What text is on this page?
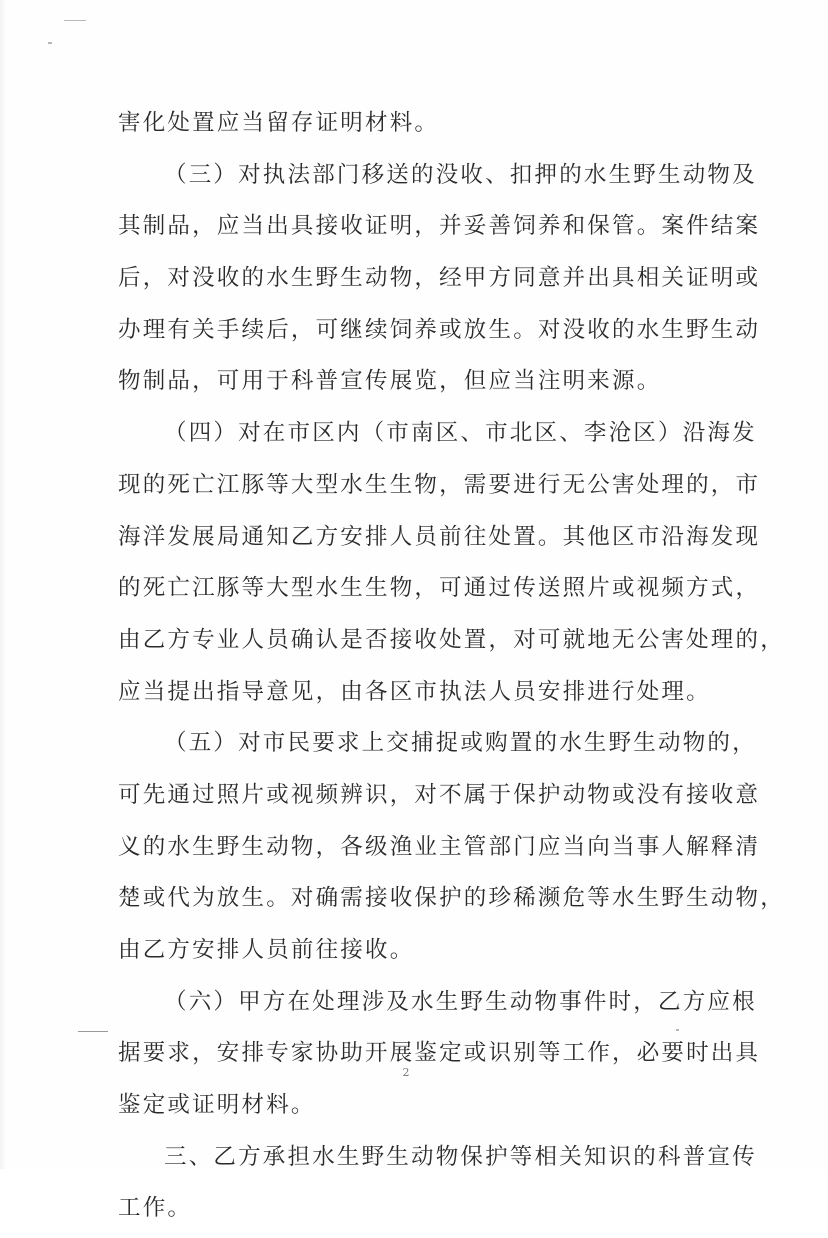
害化处置应当留存证明材料。
（三）对执法部门移送的没收、扣押的水生野生动物及
其制品，应当出具接收证明，并妥善饲养和保管。案件结案
后，对没收的水生野生动物，经甲方同意并出具相关证明或
办理有关手续后，可继续饲养或放生。对没收的水生野生动
物制品，可用于科普宣传展览，但应当注明来源。
（四）对在市区内（市南区、市北区、李沧区）沿海发
现的死亡江豚等大型水生生物，需要进行无公害处理的，市
海洋发展局通知乙方安排人员前往处置。其他区市沿海发现
的死亡江豚等大型水生生物，可通过传送照片或视频方式，
由乙方专业人员确认是否接收处置，对可就地无公害处理的，
应当提出指导意见，由各区市执法人员安排进行处理。
（五）对市民要求上交捕捉或购置的水生野生动物的，
可先通过照片或视频辨识，对不属于保护动物或没有接收意
义的水生野生动物，各级渔业主管部门应当向当事人解释清
楚或代为放生。对确需接收保护的珍稀濒危等水生野生动物，
由乙方安排人员前往接收。
（六）甲方在处理涉及水生野生动物事件时，乙方应根
据要求，安排专家协助开展鉴定或识别等工作，必要时出具
鉴定或证明材料。
三、乙方承担水生野生动物保护等相关知识的科普宣传
工作。
2
